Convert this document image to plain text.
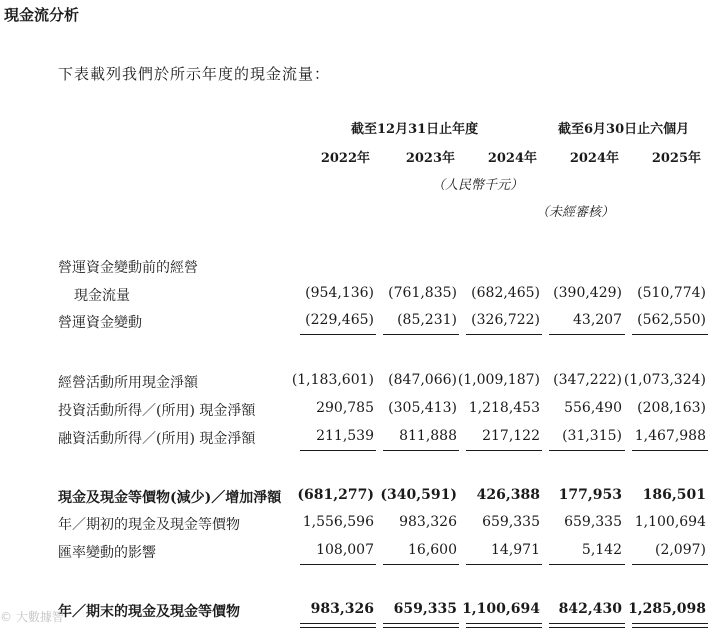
現金流分析
下表載列我們於所示年度的現金流量：
截至12月31日止年度	截至6月30日止六個月
2022年	2023年	2024年	2024年	2025年
（人民幣千元）
（未經審核）
營運資金變動前的經營
現金流量	(954,136) (761,835) (682,465) (390,429) (510,774)
營運資金變動	(229,465) (85,231) (326,722) 43,207 (562,550)
經營活動所用現金淨額	(1,183,601) (847,066) (1,009,187) (347,222) (1,073,324)
投資活動所得／(所用) 現金淨額	290,785 (305,413) 1,218,453 556,490 (208,163)
融資活動所得／(所用) 現金淨額	211,539 811,888 217,122 (31,315) 1,467,988
現金及現金等價物(減少)／增加淨額 (681,277) (340,591) 426,388 177,953 186,501
年／期初的現金及現金等價物	1,556,596 983,326 659,335 659,335 1,100,694
匯率變動的影響	108,007 16,600 14,971	5,142 (2,097)
年／期末的現金及現金等價物	983,326 659,335 1,100,694 842,430 1,285,098
© 大數據智
